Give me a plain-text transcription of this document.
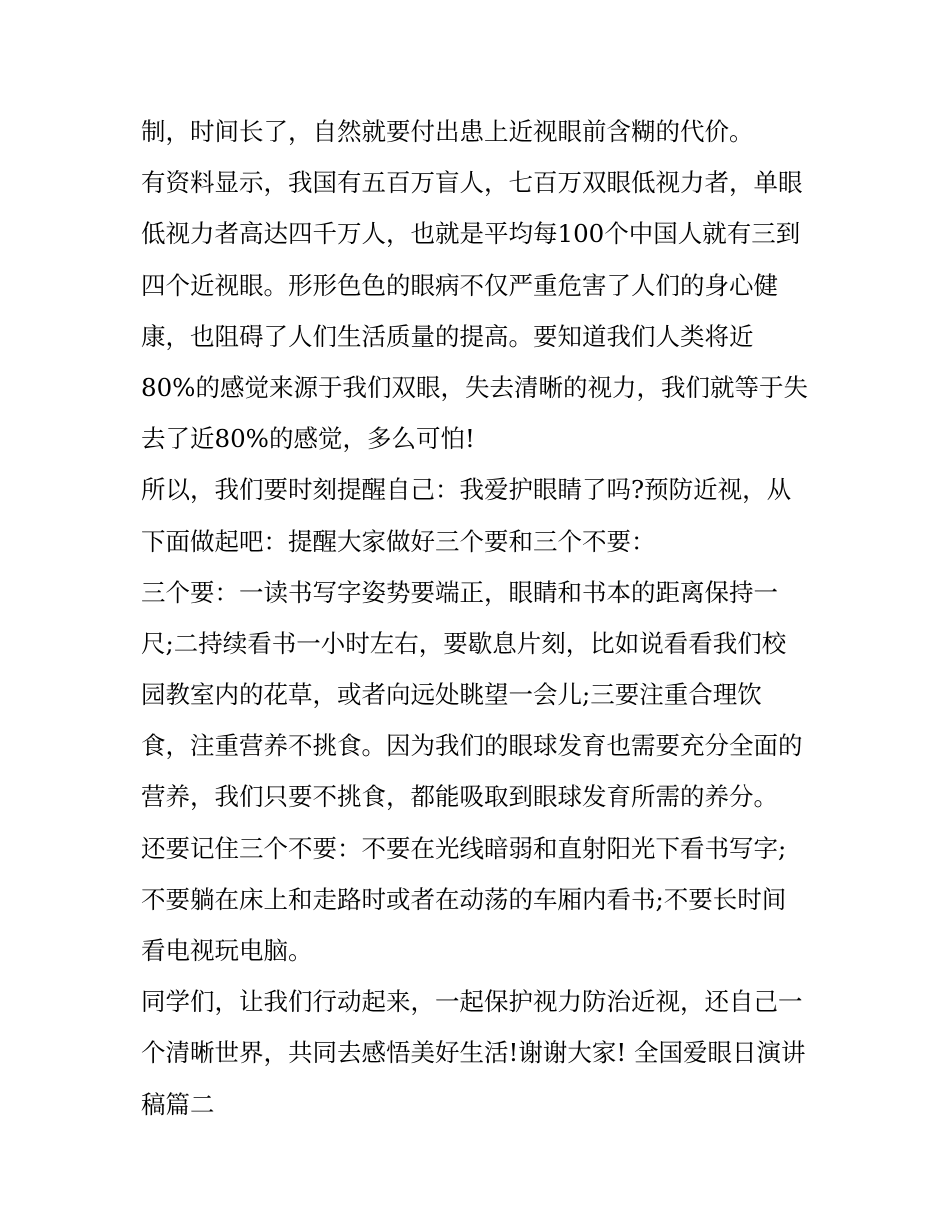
制，时间长了，自然就要付出患上近视眼前含糊的代价。
有资料显示，我国有五百万盲人，七百万双眼低视力者，单眼
低视力者高达四千万人，也就是平均每100个中国人就有三到
四个近视眼。形形色色的眼病不仅严重危害了人们的身心健
康，也阻碍了人们生活质量的提高。要知道我们人类将近
80%的感觉来源于我们双眼，失去清晰的视力，我们就等于失
去了近80%的感觉，多么可怕!
所以，我们要时刻提醒自己：我爱护眼睛了吗?预防近视，从
下面做起吧：提醒大家做好三个要和三个不要：
三个要：一读书写字姿势要端正，眼睛和书本的距离保持一
尺;二持续看书一小时左右，要歇息片刻，比如说看看我们校
园教室内的花草，或者向远处眺望一会儿;三要注重合理饮
食，注重营养不挑食。因为我们的眼球发育也需要充分全面的
营养，我们只要不挑食，都能吸取到眼球发育所需的养分。
还要记住三个不要：不要在光线暗弱和直射阳光下看书写字;
不要躺在床上和走路时或者在动荡的车厢内看书;不要长时间
看电视玩电脑。
同学们，让我们行动起来，一起保护视力防治近视，还自己一
个清晰世界，共同去感悟美好生活!谢谢大家! 全国爱眼日演讲
稿篇二
